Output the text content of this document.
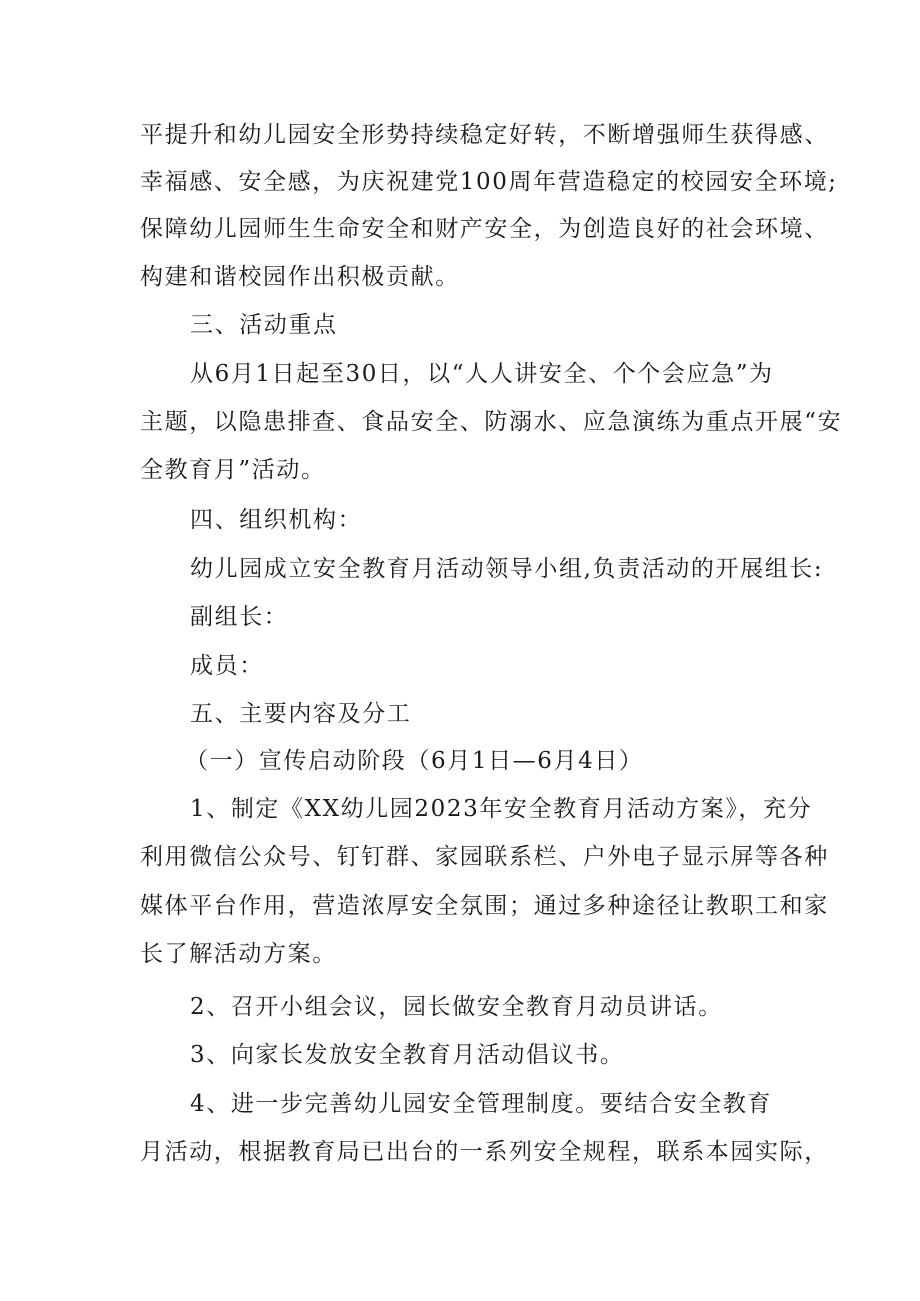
平提升和幼儿园安全形势持续稳定好转，不断增强师生获得感、
幸福感、安全感，为庆祝建党100周年营造稳定的校园安全环境;
保障幼儿园师生生命安全和财产安全，为创造良好的社会环境、
构建和谐校园作出积极贡献。
三、活动重点
从6月1日起至30日，以“人人讲安全、个个会应急”为
主题，以隐患排查、食品安全、防溺水、应急演练为重点开展“安
全教育月”活动。
四、组织机构：
幼儿园成立安全教育月活动领导小组,负责活动的开展组长:
副组长：
成员：
五、主要内容及分工
（一）宣传启动阶段（6月1日—6月4日）
1、制定《XX幼儿园2023年安全教育月活动方案》，充分
利用微信公众号、钉钉群、家园联系栏、户外电子显示屏等各种
媒体平台作用，营造浓厚安全氛围；通过多种途径让教职工和家
长了解活动方案。
2、召开小组会议，园长做安全教育月动员讲话。
3、向家长发放安全教育月活动倡议书。
4、进一步完善幼儿园安全管理制度。要结合安全教育
月活动，根据教育局已出台的一系列安全规程，联系本园实际，
